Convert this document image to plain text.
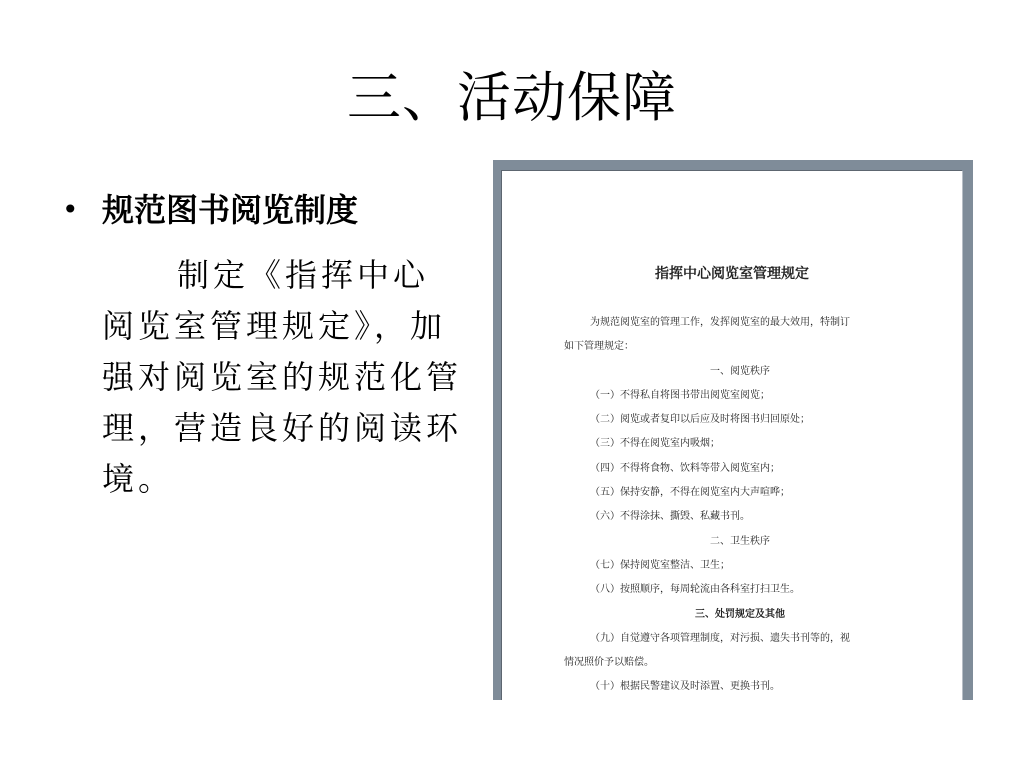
三、活动保障
• 规范图书阅览制度

制定《指挥中心阅览室管理规定》，加强对阅览室的规范化管理，营造良好的阅读环境。

指挥中心阅览室管理规定
为规范阅览室的管理工作，发挥阅览室的最大效用，特制订
如下管理规定：
一、阅览秩序
（一）不得私自将图书带出阅览室阅览；
（二）阅览或者复印以后应及时将图书归回原处；
（三）不得在阅览室内吸烟；
（四）不得将食物、饮料等带入阅览室内；
（五）保持安静，不得在阅览室内大声喧哗；
（六）不得涂抹、撕毁、私藏书刊。
二、卫生秩序
（七）保持阅览室整洁、卫生；
（八）按照顺序，每周轮流由各科室打扫卫生。
三、处罚规定及其他
（九）自觉遵守各项管理制度，对污损、遗失书刊等的，视
情况照价予以赔偿。
（十）根据民警建议及时添置、更换书刊。
